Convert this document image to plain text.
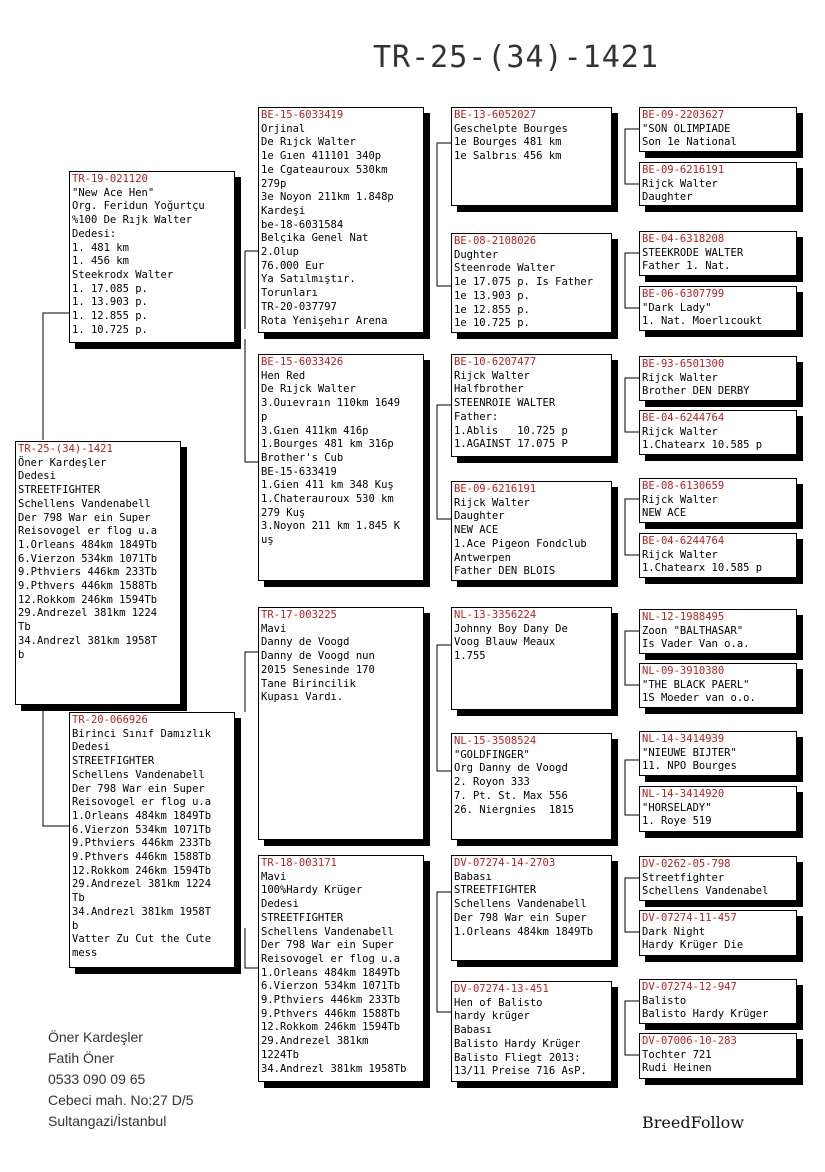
TR-25-(34)-1421
TR-25-(34)-1421
Öner Kardeşler
Dedesi
STREETFIGHTER
Schellens Vandenabell
Der 798 War ein Super
Reisovogel er flog u.a
1.Orleans 484km 1849Tb
6.Vierzon 534km 1071Tb
9.Pthviers 446km 233Tb
9.Pthvers 446km 1588Tb
12.Rokkom 246km 1594Tb
29.Andrezel 381km 1224
Tb
34.Andrezl 381km 1958T
b
TR-19-021120
"New Ace Hen"
Org. Feridun Yoğurtçu
%100 De Rıjk Walter
Dedesi:
1. 481 km
1. 456 km
Steekrodx Walter
1. 17.085 p.
1. 13.903 p.
1. 12.855 p.
1. 10.725 p.
TR-20-066926
Birinci Sınıf Damızlık
Dedesi
STREETFIGHTER
Schellens Vandenabell
Der 798 War ein Super
Reisovogel er flog u.a
1.Orleans 484km 1849Tb
6.Vierzon 534km 1071Tb
9.Pthviers 446km 233Tb
9.Pthvers 446km 1588Tb
12.Rokkom 246km 1594Tb
29.Andrezel 381km 1224
Tb
34.Andrezl 381km 1958T
b
Vatter Zu Cut the Cute
mess
BE-15-6033419
Orjinal
De Rıjck Walter
1e Gıen 411101 340p
1e Cgateauroux 530km
279p
3e Noyon 211km 1.848p
Kardeşi
be-18-6031584
Belçika Genel Nat
2.Olup
76.000 Eur
Ya Satılmıştır.
Torunları
TR-20-037797
Rota Yenişehır Arena
BE-15-6033426
Hen Red
De Rıjck Walter
3.Ouıevraın 110km 1649
p
3.Gıen 411km 416p
1.Bourges 481 km 316p
Brother's Cub
BE-15-633419
1.Gien 411 km 348 Kuş
1.Chaterauroux 530 km
279 Kuş
3.Noyon 211 km 1.845 K
uş
TR-17-003225
Mavi
Danny de Voogd
Danny de Voogd nun
2015 Senesinde 170
Tane Birincilik
Kupası Vardı.
TR-18-003171
Mavi
100%Hardy Krüger
Dedesi
STREETFIGHTER
Schellens Vandenabell
Der 798 War ein Super
Reisovogel er flog u.a
1.Orleans 484km 1849Tb
6.Vierzon 534km 1071Tb
9.Pthviers 446km 233Tb
9.Pthvers 446km 1588Tb
12.Rokkom 246km 1594Tb
29.Andrezel 381km
1224Tb
34.Andrezl 381km 1958Tb
BE-13-6052027
Geschelpte Bourges
1e Bourges 481 km
1e Salbrıs 456 km
BE-08-2108026
Dughter
Steenrode Walter
1e 17.075 p. Is Father
1e 13.903 p.
1e 12.855 p.
1e 10.725 p.
BE-10-6207477
Rijck Walter
Halfbrother
STEENROIE WALTER
Father:
1.Ablis   10.725 p
1.AGAINST 17.075 P
BE-09-6216191
Rijck Walter
Daughter
NEW ACE
1.Ace Pigeon Fondclub
Antwerpen
Father DEN BLOIS
NL-13-3356224
Johnny Boy Dany De
Voog Blauw Meaux
1.755
NL-15-3508524
"GOLDFINGER"
Org Danny de Voogd
2. Royon 333
7. Pt. St. Max 556
26. Niergnies  1815
DV-07274-14-2703
Babası
STREETFIGHTER
Schellens Vandenabell
Der 798 War ein Super
1.Orleans 484km 1849Tb
DV-07274-13-451
Hen of Balisto
hardy krüger
Babası
Balisto Hardy Krüger
Balisto Fliegt 2013:
13/11 Preise 716 AsP.
BE-09-2203627
"SON OLIMPIADE
Son 1e National
BE-09-6216191
Rijck Walter
Daughter
BE-04-6318208
STEEKRODE WALTER
Father 1. Nat.
BE-06-6307799
"Dark Lady"
1. Nat. Moerlıcoukt
BE-93-6501300
Rijck Walter
Brother DEN DERBY
BE-04-6244764
Rijck Walter
1.Chatearx 10.585 p
BE-08-6130659
Rijck Walter
NEW ACE
BE-04-6244764
Rijck Walter
1.Chatearx 10.585 p
NL-12-1988495
Zoon "BALTHASAR"
Is Vader Van o.a.
NL-09-3910380
"THE BLACK PAERL"
1S Moeder van o.o.
NL-14-3414939
"NIEUWE BIJTER"
11. NPO Bourges
NL-14-3414920
"HORSELADY"
1. Roye 519
DV-0262-05-798
Streetfighter
Schellens Vandenabel
DV-07274-11-457
Dark Night
Hardy Krüger Die
DV-07274-12-947
Balisto
Balisto Hardy Krüger
DV-07006-10-283
Tochter 721
Rudi Heinen
Öner Kardeşler
Fatih Öner
0533 090 09 65
Cebeci mah. No:27 D/5
Sultangazi/İstanbul	BreedFollow
